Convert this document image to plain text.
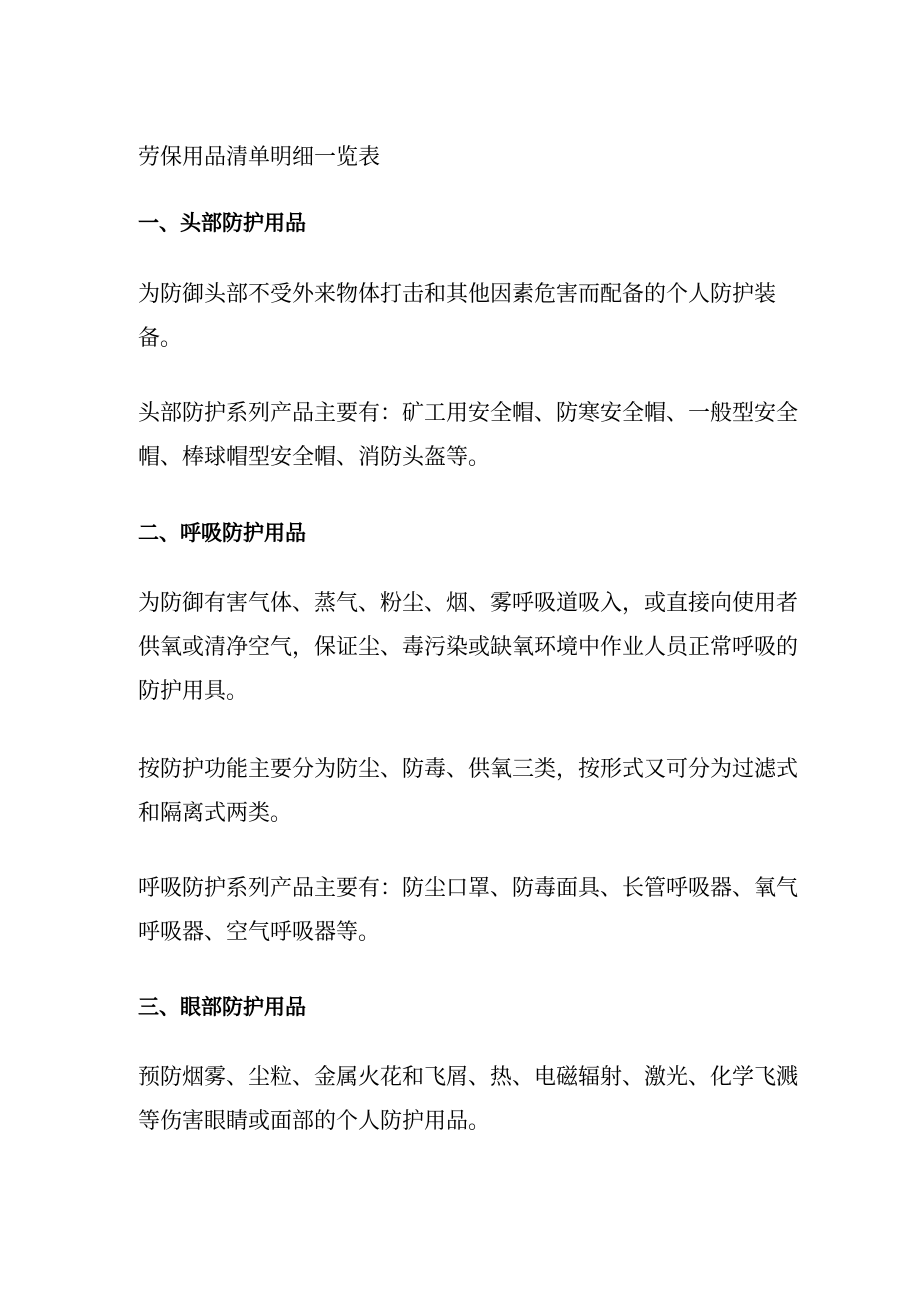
劳保用品清单明细一览表
一、头部防护用品

为防御头部不受外来物体打击和其他因素危害而配备的个人防护装备。

头部防护系列产品主要有：矿工用安全帽、防寒安全帽、一般型安全帽、棒球帽型安全帽、消防头盔等。

二、呼吸防护用品

为防御有害气体、蒸气、粉尘、烟、雾呼吸道吸入，或直接向使用者供氧或清净空气，保证尘、毒污染或缺氧环境中作业人员正常呼吸的防护用具。

按防护功能主要分为防尘、防毒、供氧三类，按形式又可分为过滤式和隔离式两类。

呼吸防护系列产品主要有：防尘口罩、防毒面具、长管呼吸器、氧气呼吸器、空气呼吸器等。

三、眼部防护用品

预防烟雾、尘粒、金属火花和飞屑、热、电磁辐射、激光、化学飞溅等伤害眼睛或面部的个人防护用品。
